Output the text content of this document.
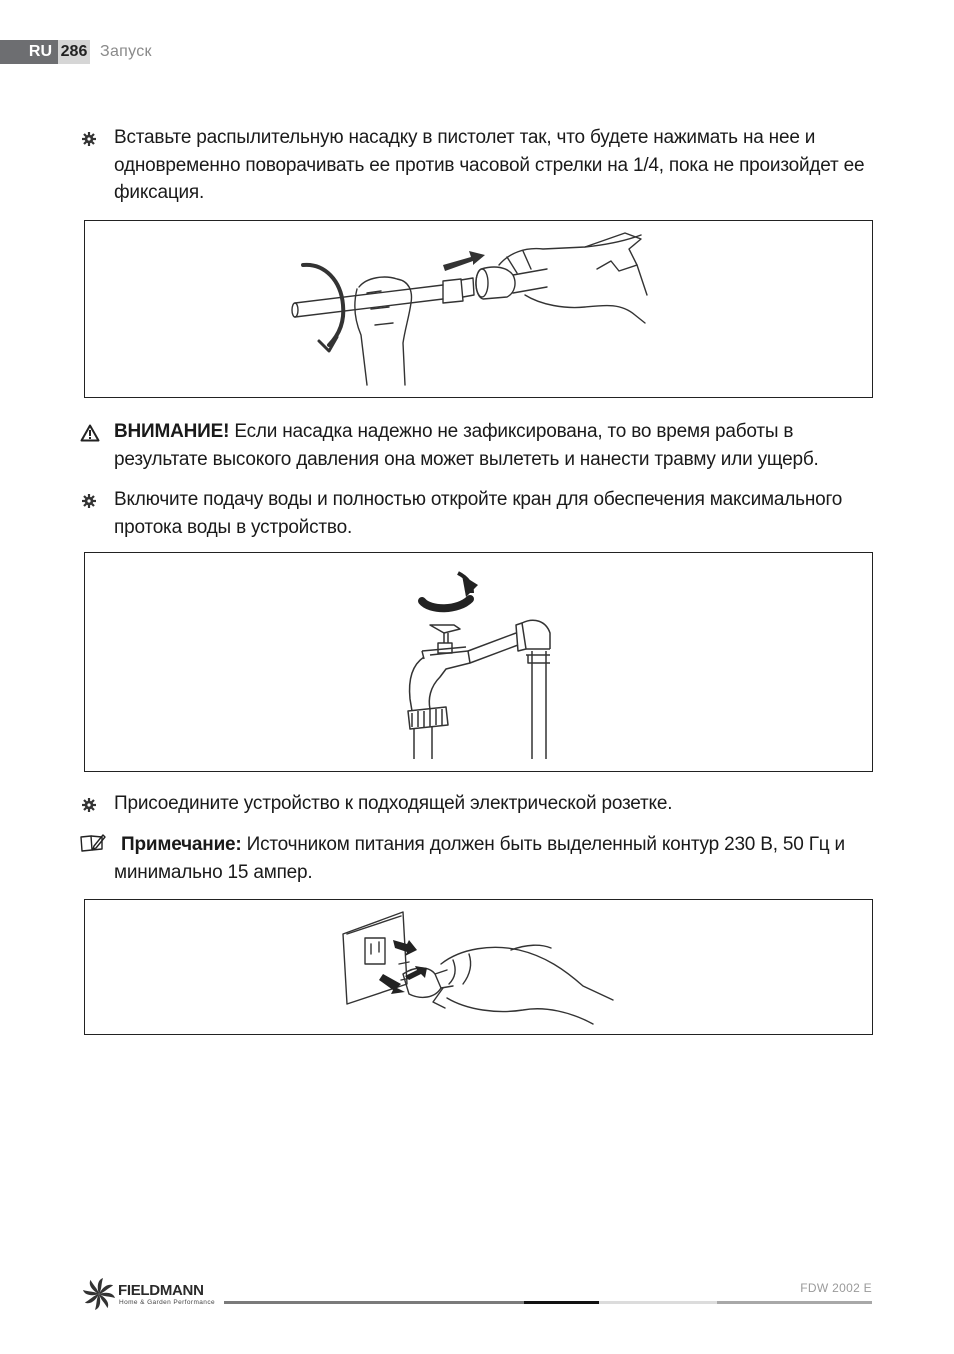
RU 286 Запуск
Вставьте распылительную насадку в пистолет так, что будете нажимать на нее и одновременно поворачивать ее против часовой стрелки на 1/4, пока не произойдет ее фиксация.
ВНИМАНИЕ! Если насадка надежно не зафиксирована, то во время работы в результате высокого давления она может вылететь и нанести травму или ущерб.
Включите подачу воды и полностью откройте кран для обеспечения максимального протока воды в устройство.
Присоедините устройство к подходящей электрической розетке.
Примечание: Источником питания должен быть выделенный контур 230 В, 50 Гц и минимально 15 ампер.
FIELDMANN
Home & Garden Performance
FDW 2002 E
